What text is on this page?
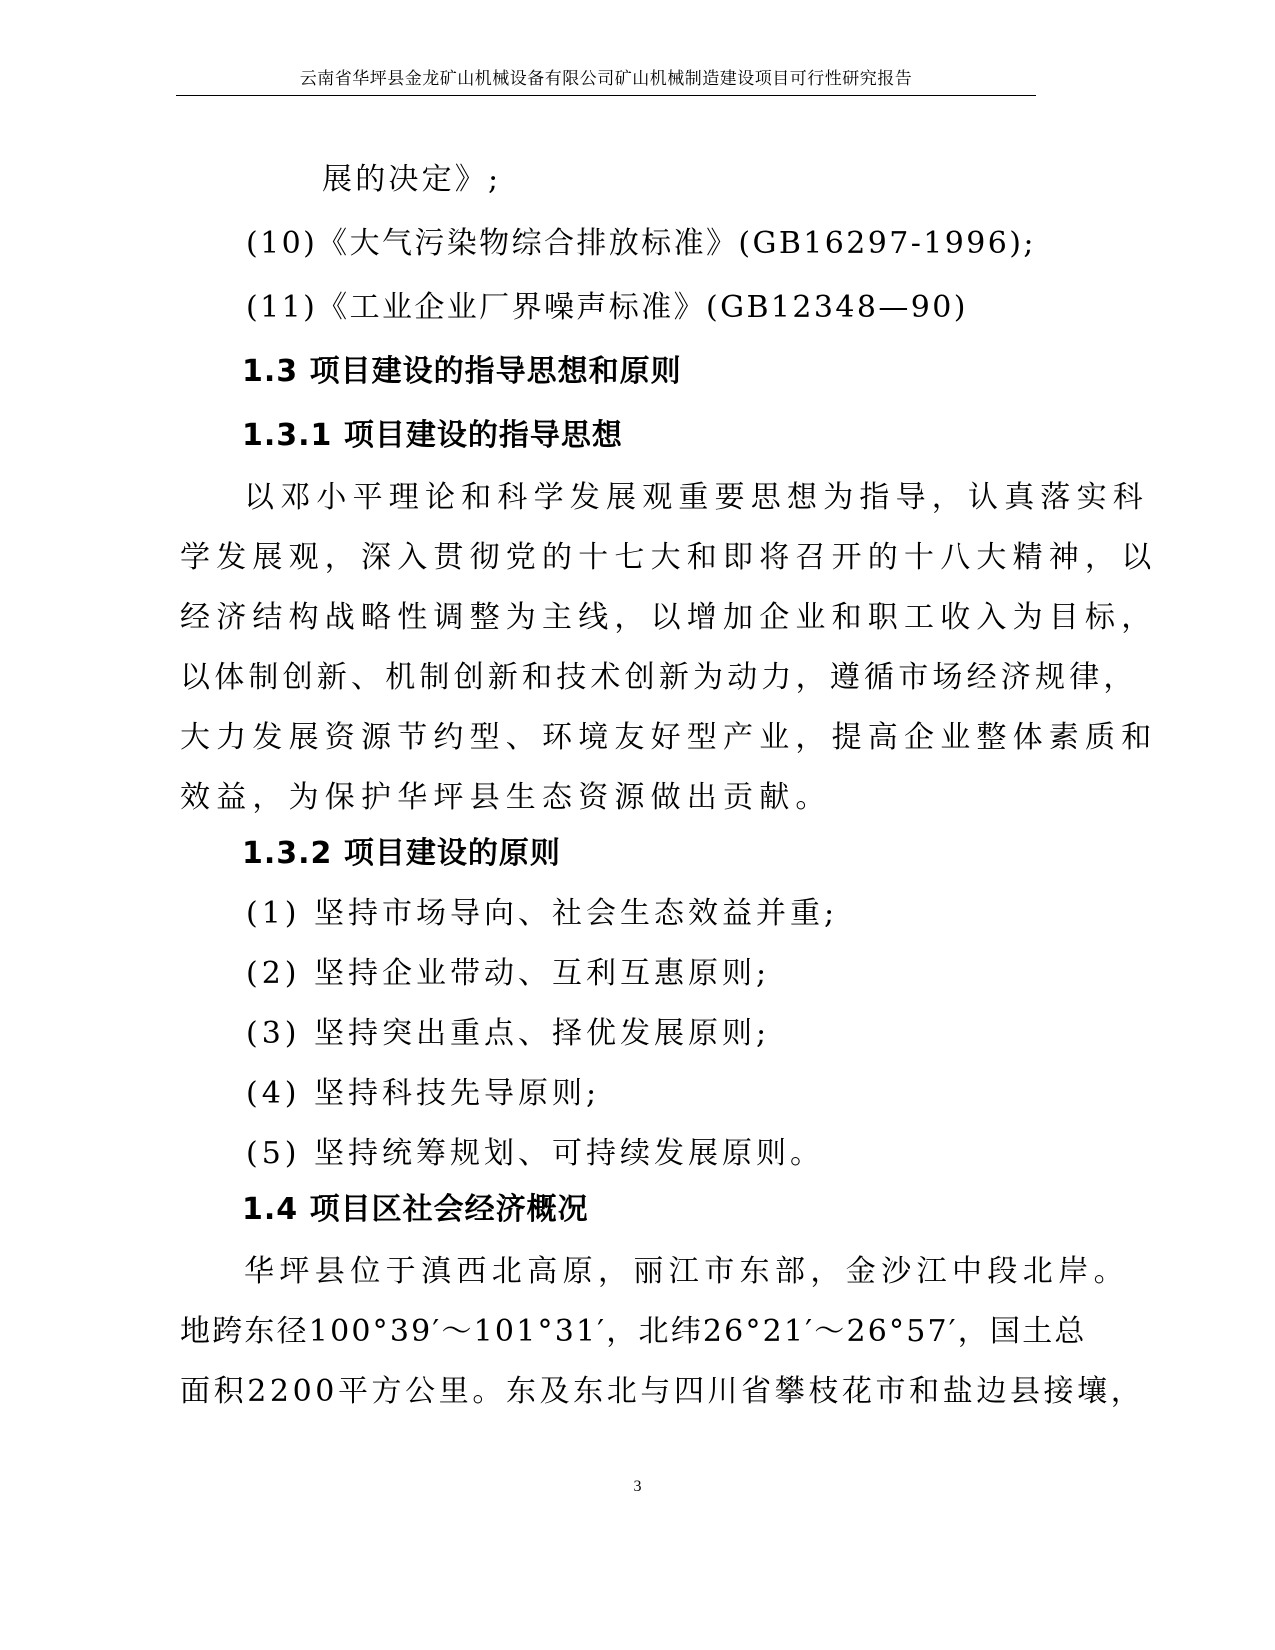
云南省华坪县金龙矿山机械设备有限公司矿山机械制造建设项目可行性研究报告
展的决定》;
(10)《大气污染物综合排放标准》(GB16297-1996);
(11)《工业企业厂界噪声标准》(GB12348—90)
1.3 项目建设的指导思想和原则
1.3.1 项目建设的指导思想
以邓小平理论和科学发展观重要思想为指导，认真落实科
学发展观，深入贯彻党的十七大和即将召开的十八大精神，以
经济结构战略性调整为主线，以增加企业和职工收入为目标，
以体制创新、机制创新和技术创新为动力，遵循市场经济规律，
大力发展资源节约型、环境友好型产业，提高企业整体素质和
效益，为保护华坪县生态资源做出贡献。
1.3.2 项目建设的原则
(1) 坚持市场导向、社会生态效益并重;
(2) 坚持企业带动、互利互惠原则;
(3) 坚持突出重点、择优发展原则;
(4) 坚持科技先导原则;
(5) 坚持统筹规划、可持续发展原则。
1.4 项目区社会经济概况
华坪县位于滇西北高原，丽江市东部，金沙江中段北岸。
地跨东径100°39′～101°31′，北纬26°21′～26°57′，国土总
面积2200平方公里。东及东北与四川省攀枝花市和盐边县接壤，
3
